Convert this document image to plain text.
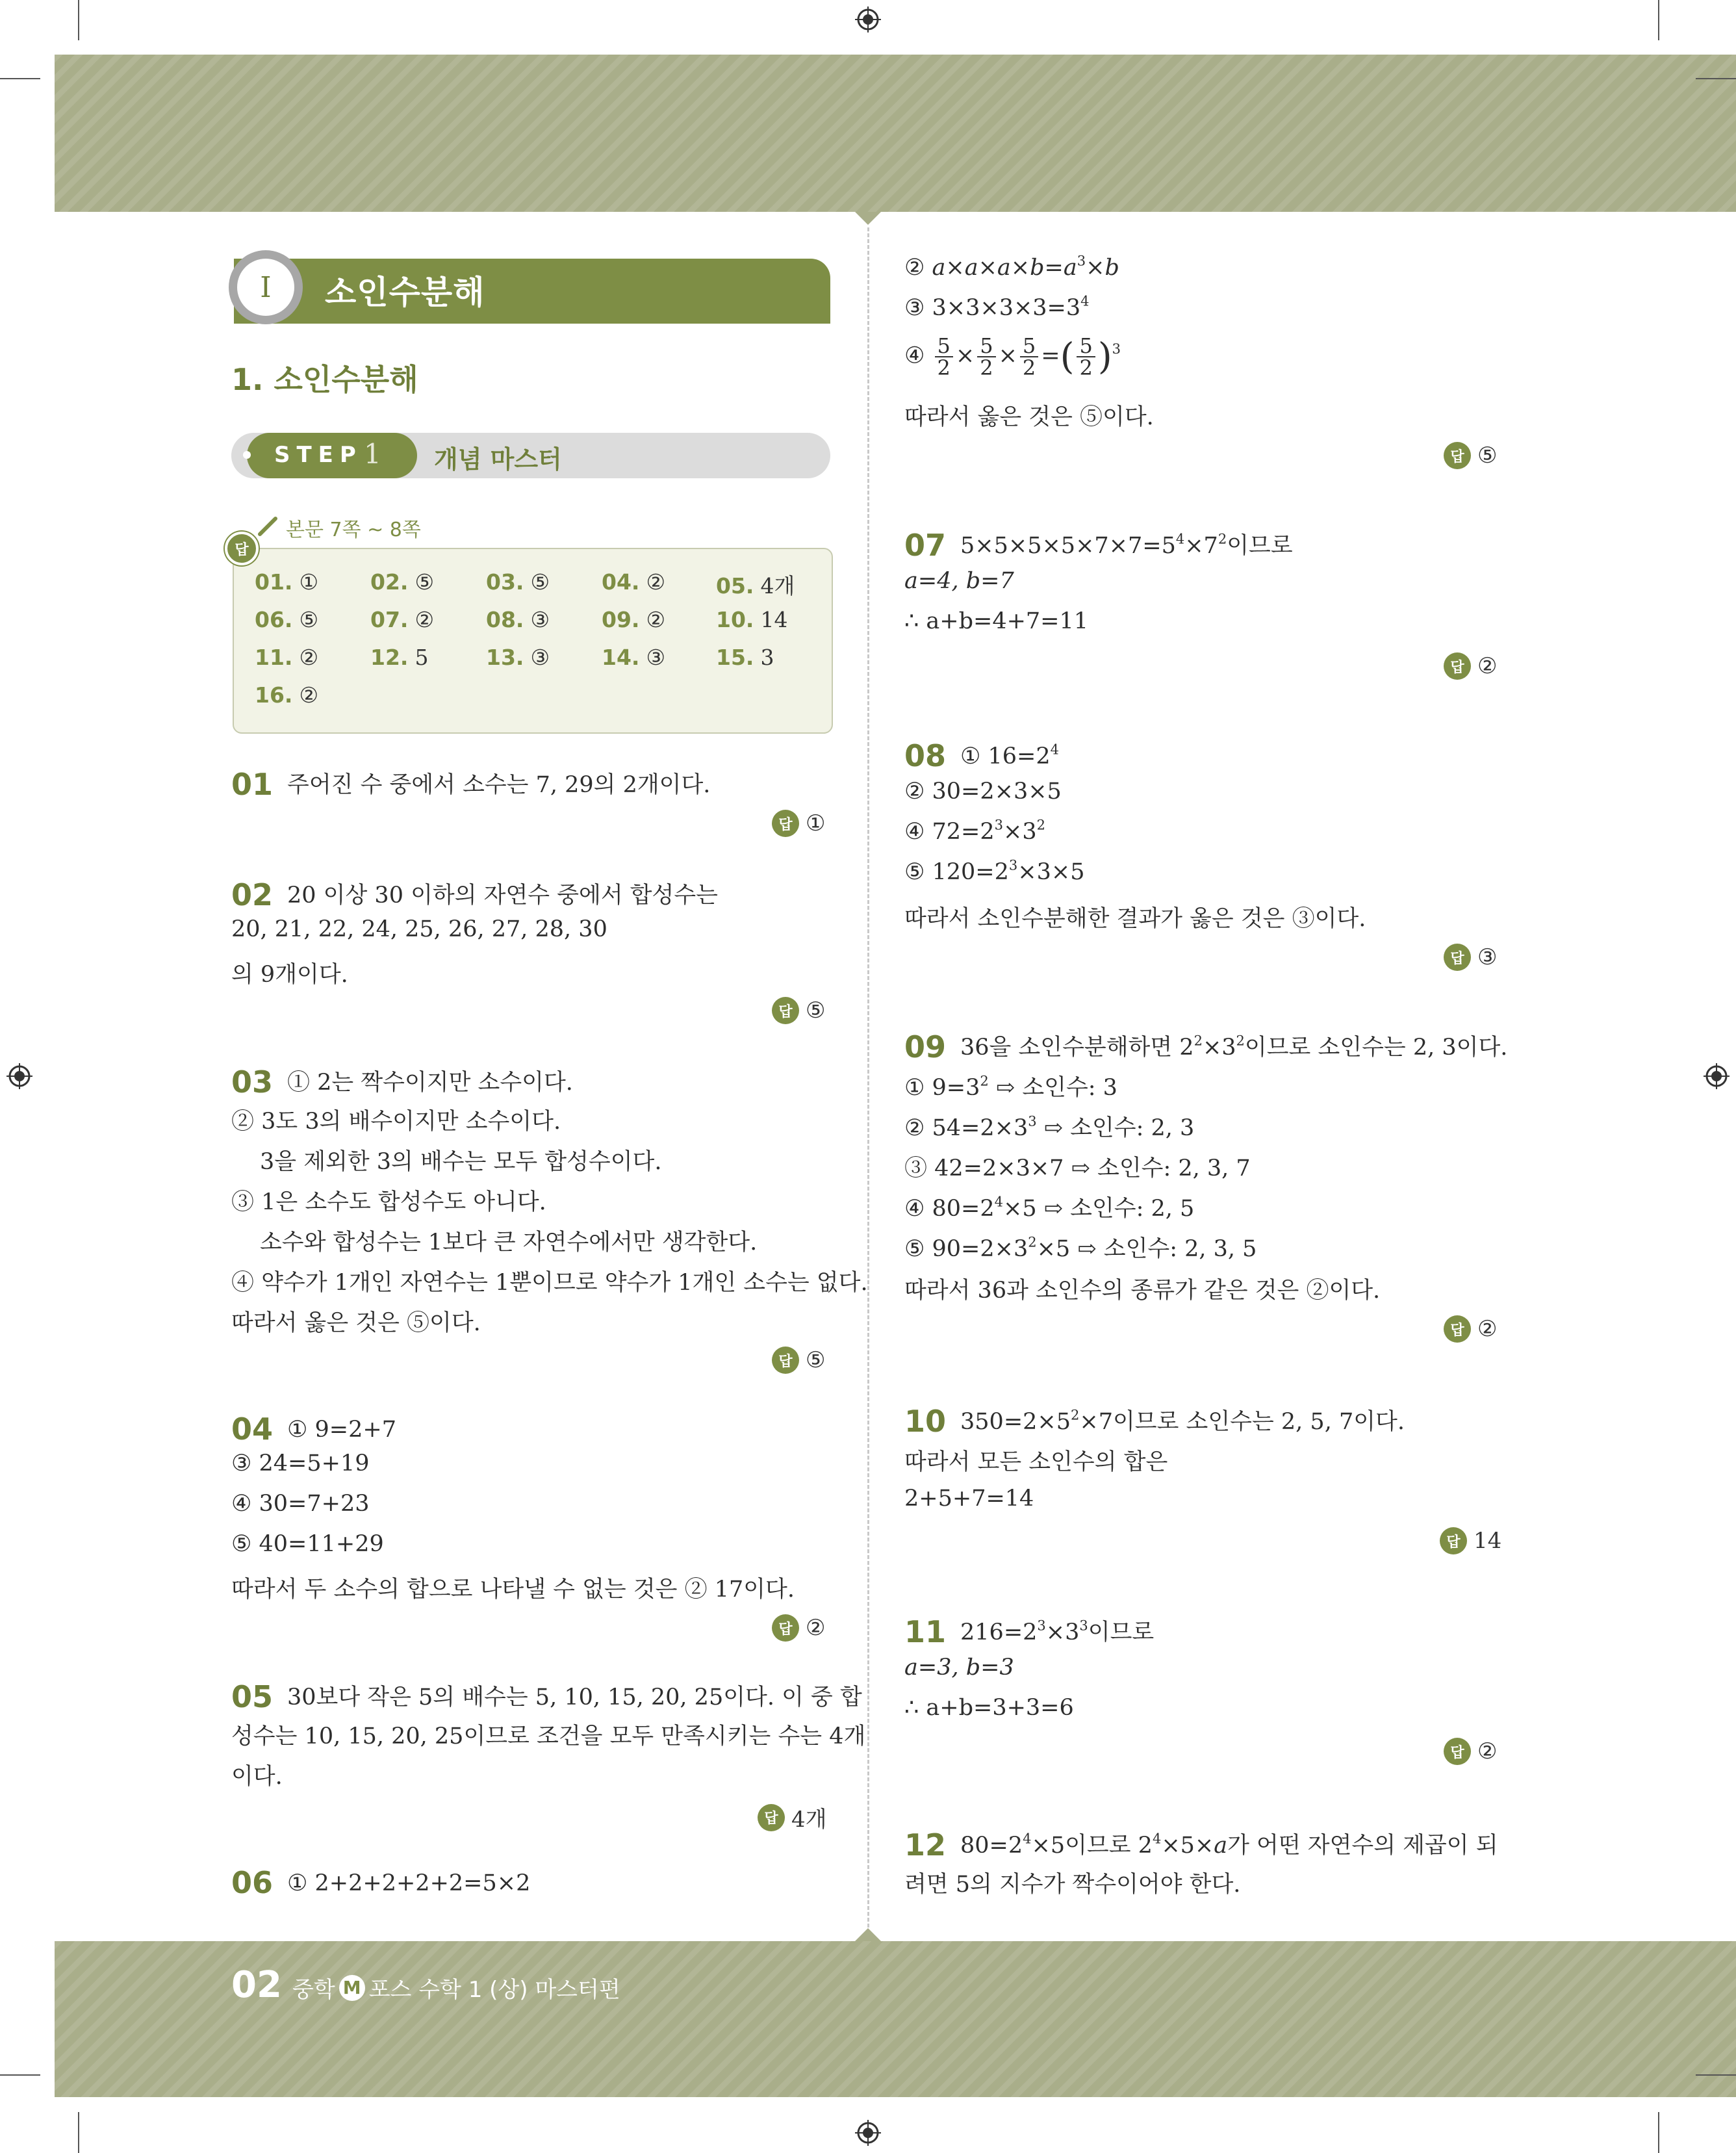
Ⅰ	소인수분해
1. 소인수분해
STEP 1 개념 마스터
본문 7쪽 ~ 8쪽
답
01. ① 02. ⑤ 03. ⑤ 04. ② 05. 4개
06. ⑤ 07. ② 08. ③ 09. ② 10. 14
11. ② 12. 5	13. ③ 14. ③ 15. 3
16. ②
01 주어진 수 중에서 소수는 7, 29의 2개이다.
답 ①
02 20 이상 30 이하의 자연수 중에서 합성수는
20, 21, 22, 24, 25, 26, 27, 28, 30
의 9개이다.
답 ⑤
03 ① 2는 짝수이지만 소수이다.
② 3도 3의 배수이지만 소수이다.
3을 제외한 3의 배수는 모두 합성수이다.
③ 1은 소수도 합성수도 아니다.
소수와 합성수는 1보다 큰 자연수에서만 생각한다.
④ 약수가 1개인 자연수는 1뿐이므로 약수가 1개인 소수는 없다.
따라서 옳은 것은 ⑤이다.
답 ⑤
04 ① 9=2+7
③ 24=5+19
④ 30=7+23
⑤ 40=11+29
따라서 두 소수의 합으로 나타낼 수 없는 것은 ② 17이다.
답 ②
05 30보다 작은 5의 배수는 5, 10, 15, 20, 25이다. 이 중 합
성수는 10, 15, 20, 25이므로 조건을 모두 만족시키는 수는 4개
이다.
답 4개
06 ① 2+2+2+2+2=5×2
② $a\times a\times a\times b=a^3\times b$
③ $3\times 3\times 3\times 3=3^4$
④ $\frac{5}{2} \times \frac{5}{2} \times \frac{5}{2}$ =( $\frac{5}{2} )^3$
따라서 옳은 것은 ⑤이다.
답 ⑤
07 $5\times 5\times 5\times 5\times 7\times 7=5^4\times 7^2$이므로
a=4, b=7
∴ a+b=4+7=11
답 ②
08 ① $16=2^4$
② 30=2×3×5
④ $72=2^3\times 3^2$
⑤ $120=2^3\times 3\times 5$
따라서 소인수분해한 결과가 옳은 것은 ③이다.
답 ③
09 36을 소인수분해하면 $2^2\times 3^2$이므로 소인수는 2, 3이다.
① $9=3^2$ ⇨ 소인수: 3
② $54=2\times 3^3$ ⇨ 소인수: 2, 3
③ 42=2×3×7 ⇨ 소인수: 2, 3, 7
④ $80=2^4\times 5$ ⇨ 소인수: 2, 5
⑤ $90=2\times 3^2\times 5$ ⇨ 소인수: 2, 3, 5
따라서 36과 소인수의 종류가 같은 것은 ②이다.
답 ②
10 $350=2\times 5^2\times 7$이므로 소인수는 2, 5, 7이다.
따라서 모든 소인수의 합은
2+5+7=14
답 14
11 $216=2^3\times 3^3$이므로
a=3, b=3
∴ a+b=3+3=6
답 ②
12 $80=2^4\times 5$이므로 $2^4\times 5\times a$가 어떤 자연수의 제곱이 되
려면 5의 지수가 짝수이어야 한다.
02 중학 M 포스 수학 1 (상) 마스터편
